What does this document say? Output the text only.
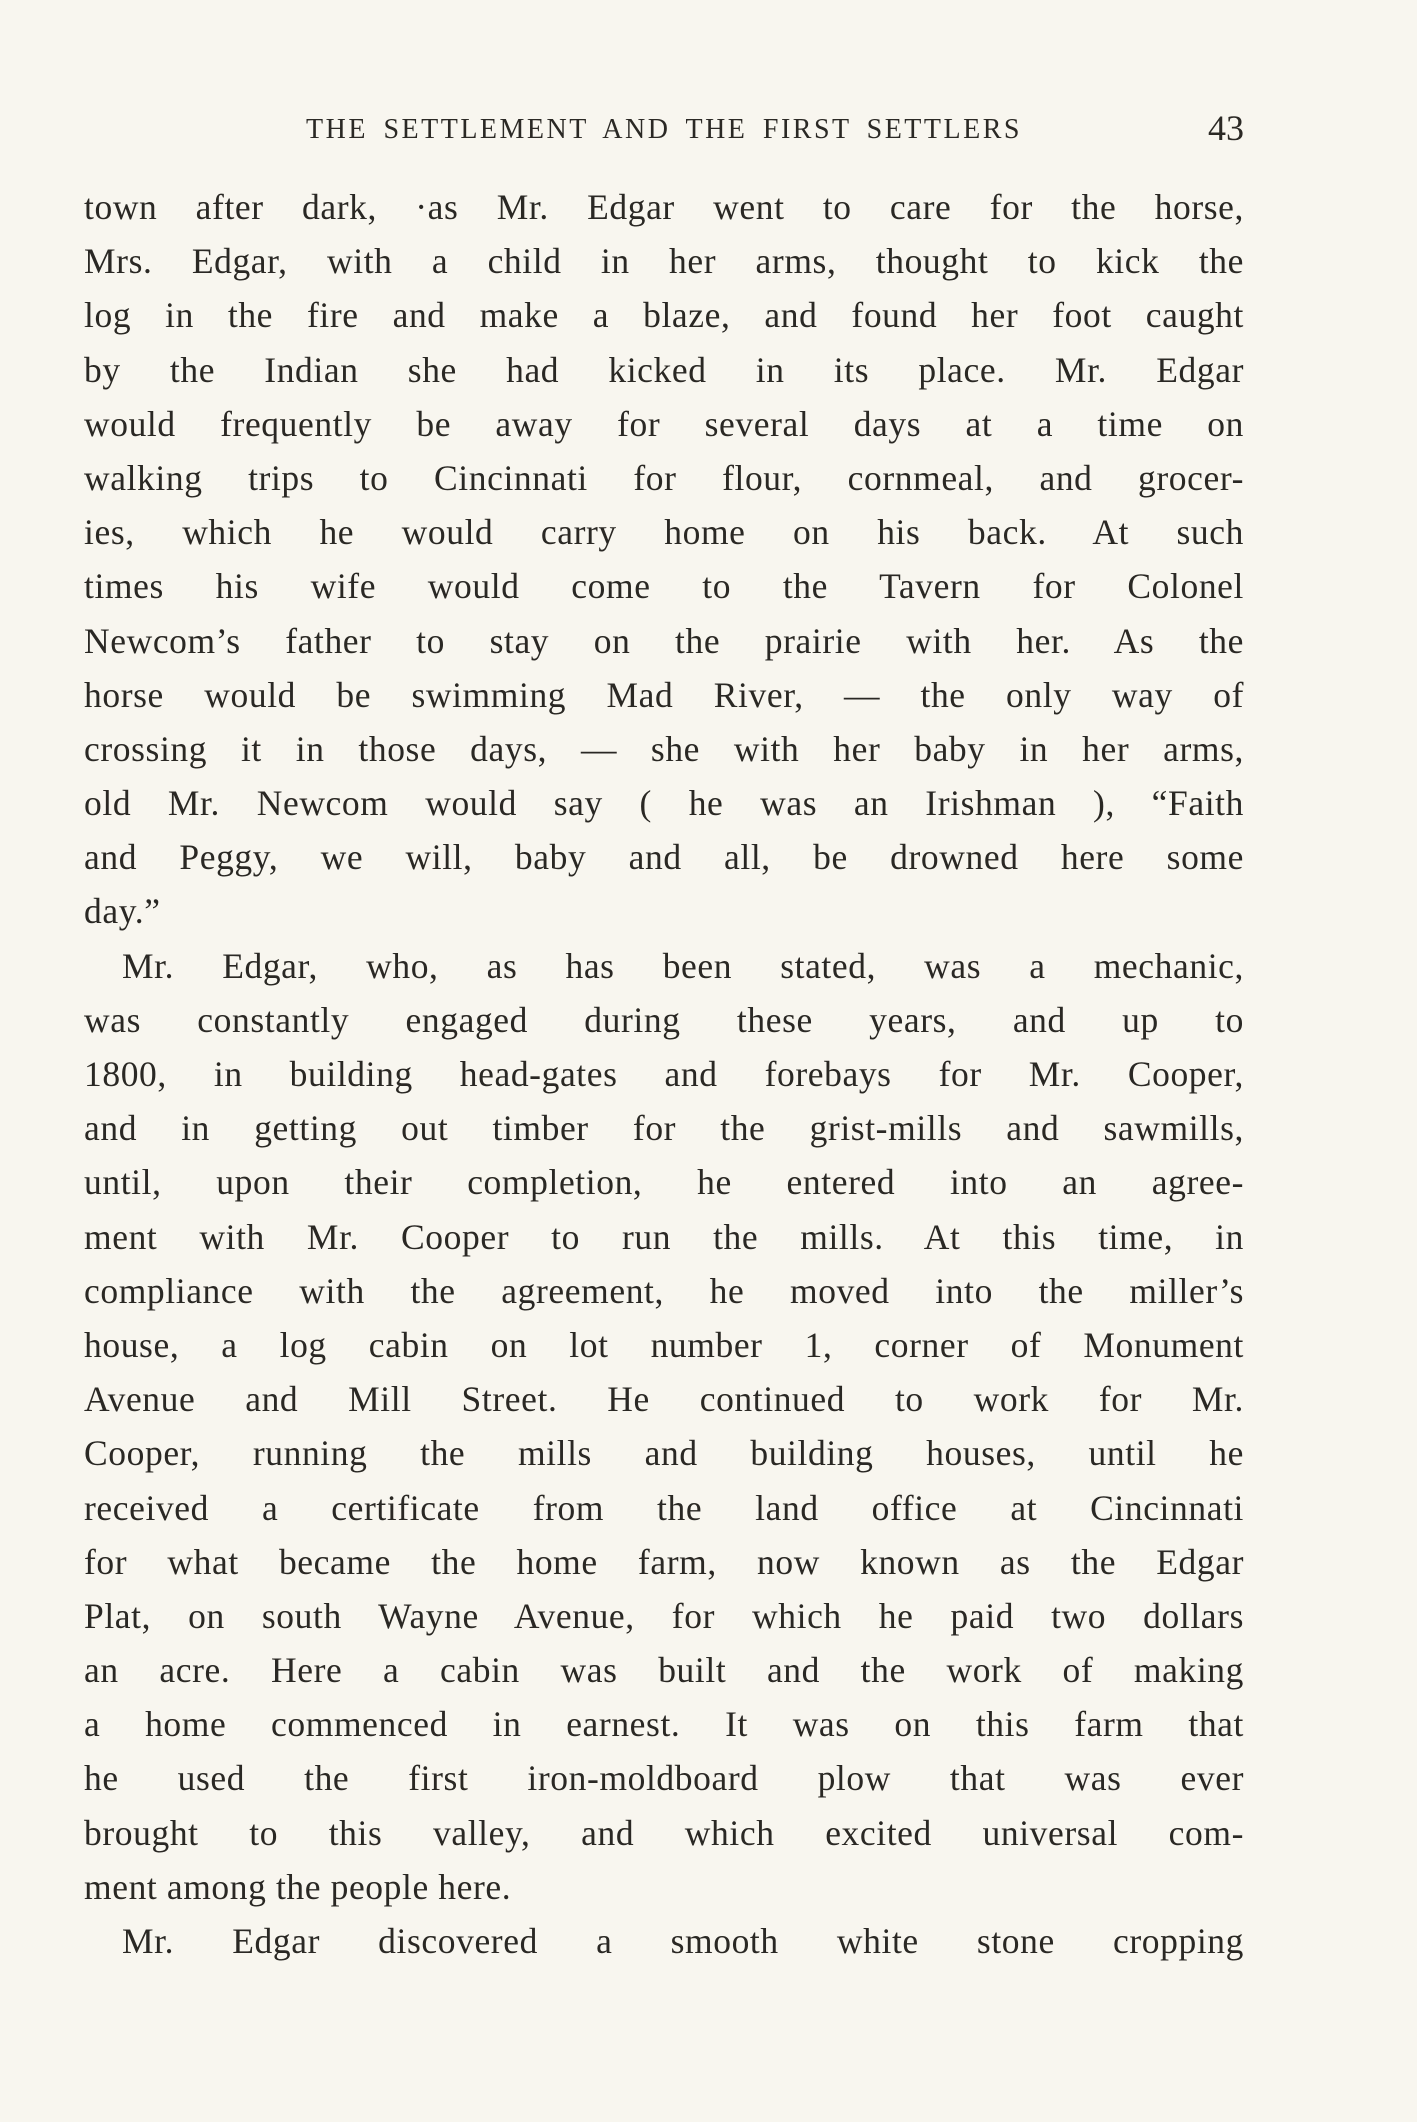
THE SETTLEMENT AND THE FIRST SETTLERS	43
town after dark, ·as Mr. Edgar went to care for the horse,
Mrs. Edgar, with a child in her arms, thought to kick the
log in the fire and make a blaze, and found her foot caught
by the Indian she had kicked in its place. Mr. Edgar
would frequently be away for several days at a time on
walking trips to Cincinnati for flour, cornmeal, and grocer-
ies, which he would carry home on his back. At such
times his wife would come to the Tavern for Colonel
Newcom’s father to stay on the prairie with her. As the
horse would be swimming Mad River, — the only way of
crossing it in those days, — she with her baby in her arms,
old Mr. Newcom would say ( he was an Irishman ), “Faith
and Peggy, we will, baby and all, be drowned here some
day.”
Mr. Edgar, who, as has been stated, was a mechanic,
was constantly engaged during these years, and up to
1800, in building head-gates and forebays for Mr. Cooper,
and in getting out timber for the grist-mills and sawmills,
until, upon their completion, he entered into an agree-
ment with Mr. Cooper to run the mills. At this time, in
compliance with the agreement, he moved into the miller’s
house, a log cabin on lot number 1, corner of Monument
Avenue and Mill Street. He continued to work for Mr.
Cooper, running the mills and building houses, until he
received a certificate from the land office at Cincinnati
for what became the home farm, now known as the Edgar
Plat, on south Wayne Avenue, for which he paid two dollars
an acre. Here a cabin was built and the work of making
a home commenced in earnest. It was on this farm that
he used the first iron-moldboard plow that was ever
brought to this valley, and which excited universal com-
ment among the people here.
Mr. Edgar discovered a smooth white stone cropping
